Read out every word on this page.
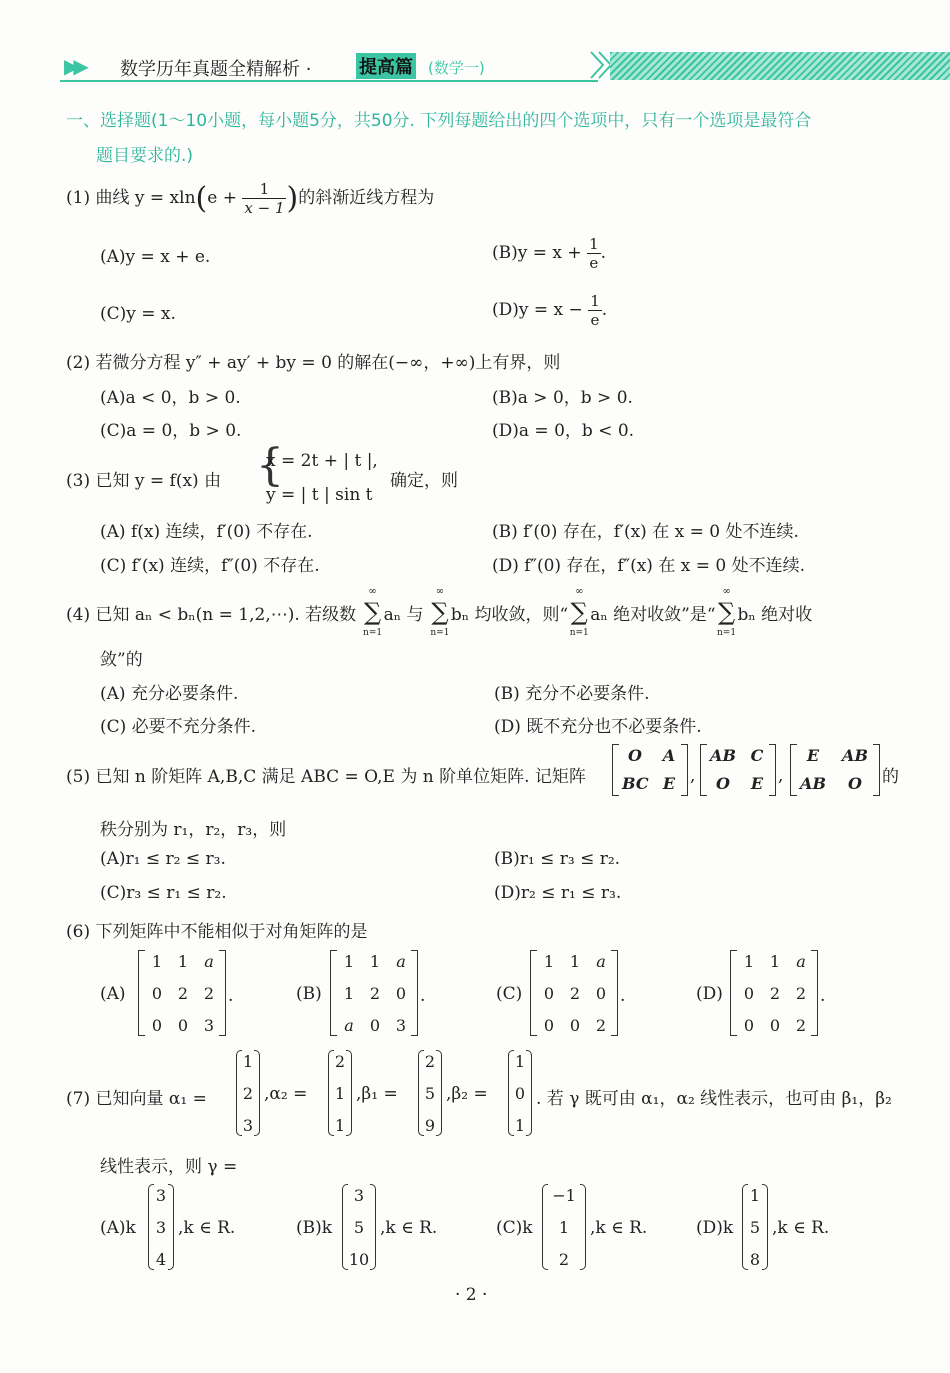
▶▶ 数学历年真题全精解析 ·	提高篇 (数学一)
一、选择题(1～10小题，每小题5分，共50分. 下列每题给出的四个选项中，只有一个选项是最符合
题目要求的.)
(1) 曲线 $y = xln(e + \frac{1}{x - 1}$ )的斜渐近线方程为
(A)y = x + e.	$(B)y = x + \frac{1}{e}$ .
(C)y = x.	$(D)y = x - \frac{1}{e}$ .
(2) 若微分方程 y″ + ay′ + by = 0 的解在(−∞，+∞)上有界，则
(A)a < 0，b > 0.	(B)a > 0，b > 0.
(C)a = 0，b > 0.	(D)a = 0，b < 0.
(3) 已知 y = f(x) 由 {
x = 2t + | t |,
y = | t | sin t
确定，则
(A) f(x) 连续，f′(0) 不存在.	(B) f′(0) 存在，f′(x) 在 x = 0 处不连续.
(C) f′(x) 连续，f″(0) 不存在.	(D) f″(0) 存在，f″(x) 在 x = 0 处不连续.
(4) 已知 aₙ < bₙ(n = 1,2,⋯). 若级数
∞
∑
n=1
aₙ 与
∞
∑
n=1
bₙ 均收敛，则“
∞
∑
n=1
aₙ 绝对收敛”是“
∞
∑
n=1
bₙ 绝对收
敛”的
(A) 充分必要条件.	(B) 充分不必要条件.
(C) 必要不充分条件.	(D) 既不充分也不必要条件.
(5) 已知 n 阶矩阵 A,B,C 满足 ABC = O,E 为 n 阶单位矩阵. 记矩阵
O	A
BC E ,
AB C
O	E ,
E	AB
AB	O	的
秩分别为 r₁，r₂，r₃，则
(A)r₁ ≤ r₂ ≤ r₃.	(B)r₁ ≤ r₃ ≤ r₂.
(C)r₃ ≤ r₁ ≤ r₂.	(D)r₂ ≤ r₁ ≤ r₃.
(6) 下列矩阵中不能相似于对角矩阵的是
(A)
1 1	a
0 2 2
0 0 3
.	(B)
1 1	a
1 2 0
a	0 3
.	(C)
1 1	a
0 2 0
0 0 2
.	(D)
1 1	a
0 2 2
0 0 2
.
(7) 已知向量 α₁ =
1
2
3
,α₂ =
2
1
1
,β₁ =
2
5
9
,β₂ =
1
0
1
. 若 γ 既可由 α₁，α₂ 线性表示，也可由 β₁，β₂
线性表示，则 γ =
(A)k
3
3
4
,k ∈ R.	(B)k
3
5
10
,k ∈ R.	(C)k
−1
1
2
,k ∈ R.	(D)k
1
5
8
,k ∈ R.
· 2 ·
